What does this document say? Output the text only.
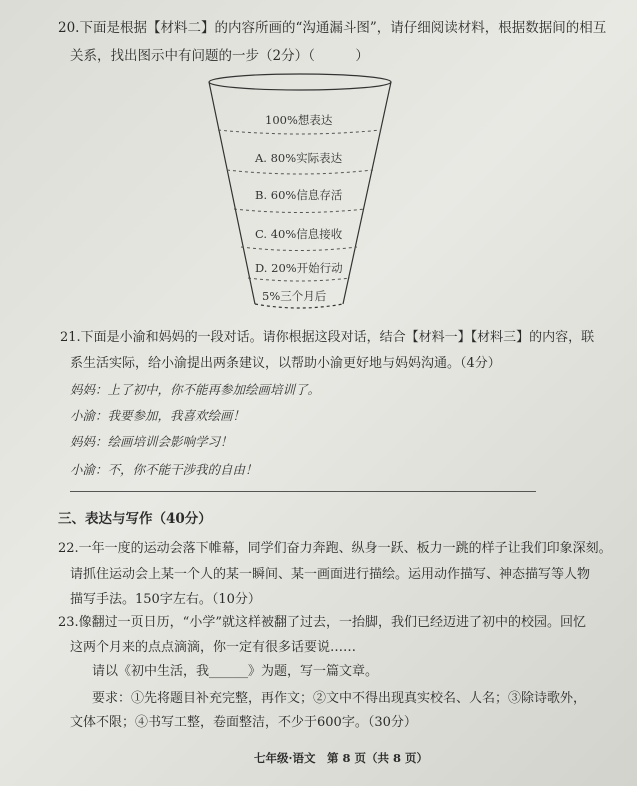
20.下面是根据【材料二】的内容所画的“沟通漏斗图”，请仔细阅读材料，根据数据间的相互
关系，找出图示中有问题的一步（2分）（　　　）
100%想表达
A. 80%实际表达
B. 60%信息存活
C. 40%信息接收
D. 20%开始行动
5%三个月后
21.下面是小渝和妈妈的一段对话。请你根据这段对话，结合【材料一】【材料三】的内容，联
系生活实际，给小渝提出两条建议，以帮助小渝更好地与妈妈沟通。（4分）
妈妈：上了初中，你不能再参加绘画培训了。
小渝：我要参加，我喜欢绘画！
妈妈：绘画培训会影响学习！
小渝：不，你不能干涉我的自由！
三、表达与写作（40分）
22.一年一度的运动会落下帷幕，同学们奋力奔跑、纵身一跃、板力一跳的样子让我们印象深刻。
请抓住运动会上某一个人的某一瞬间、某一画面进行描绘。运用动作描写、神态描写等人物
描写手法。150字左右。（10分）
23.像翻过一页日历，“小学”就这样被翻了过去，一抬脚，我们已经迈进了初中的校园。回忆
这两个月来的点点滴滴，你一定有很多话要说……
请以《初中生活，我______》为题，写一篇文章。
要求：①先将题目补充完整，再作文；②文中不得出现真实校名、人名；③除诗歌外，
文体不限；④书写工整，卷面整洁，不少于600字。（30分）
七年级·语文　第 8 页（共 8 页）
